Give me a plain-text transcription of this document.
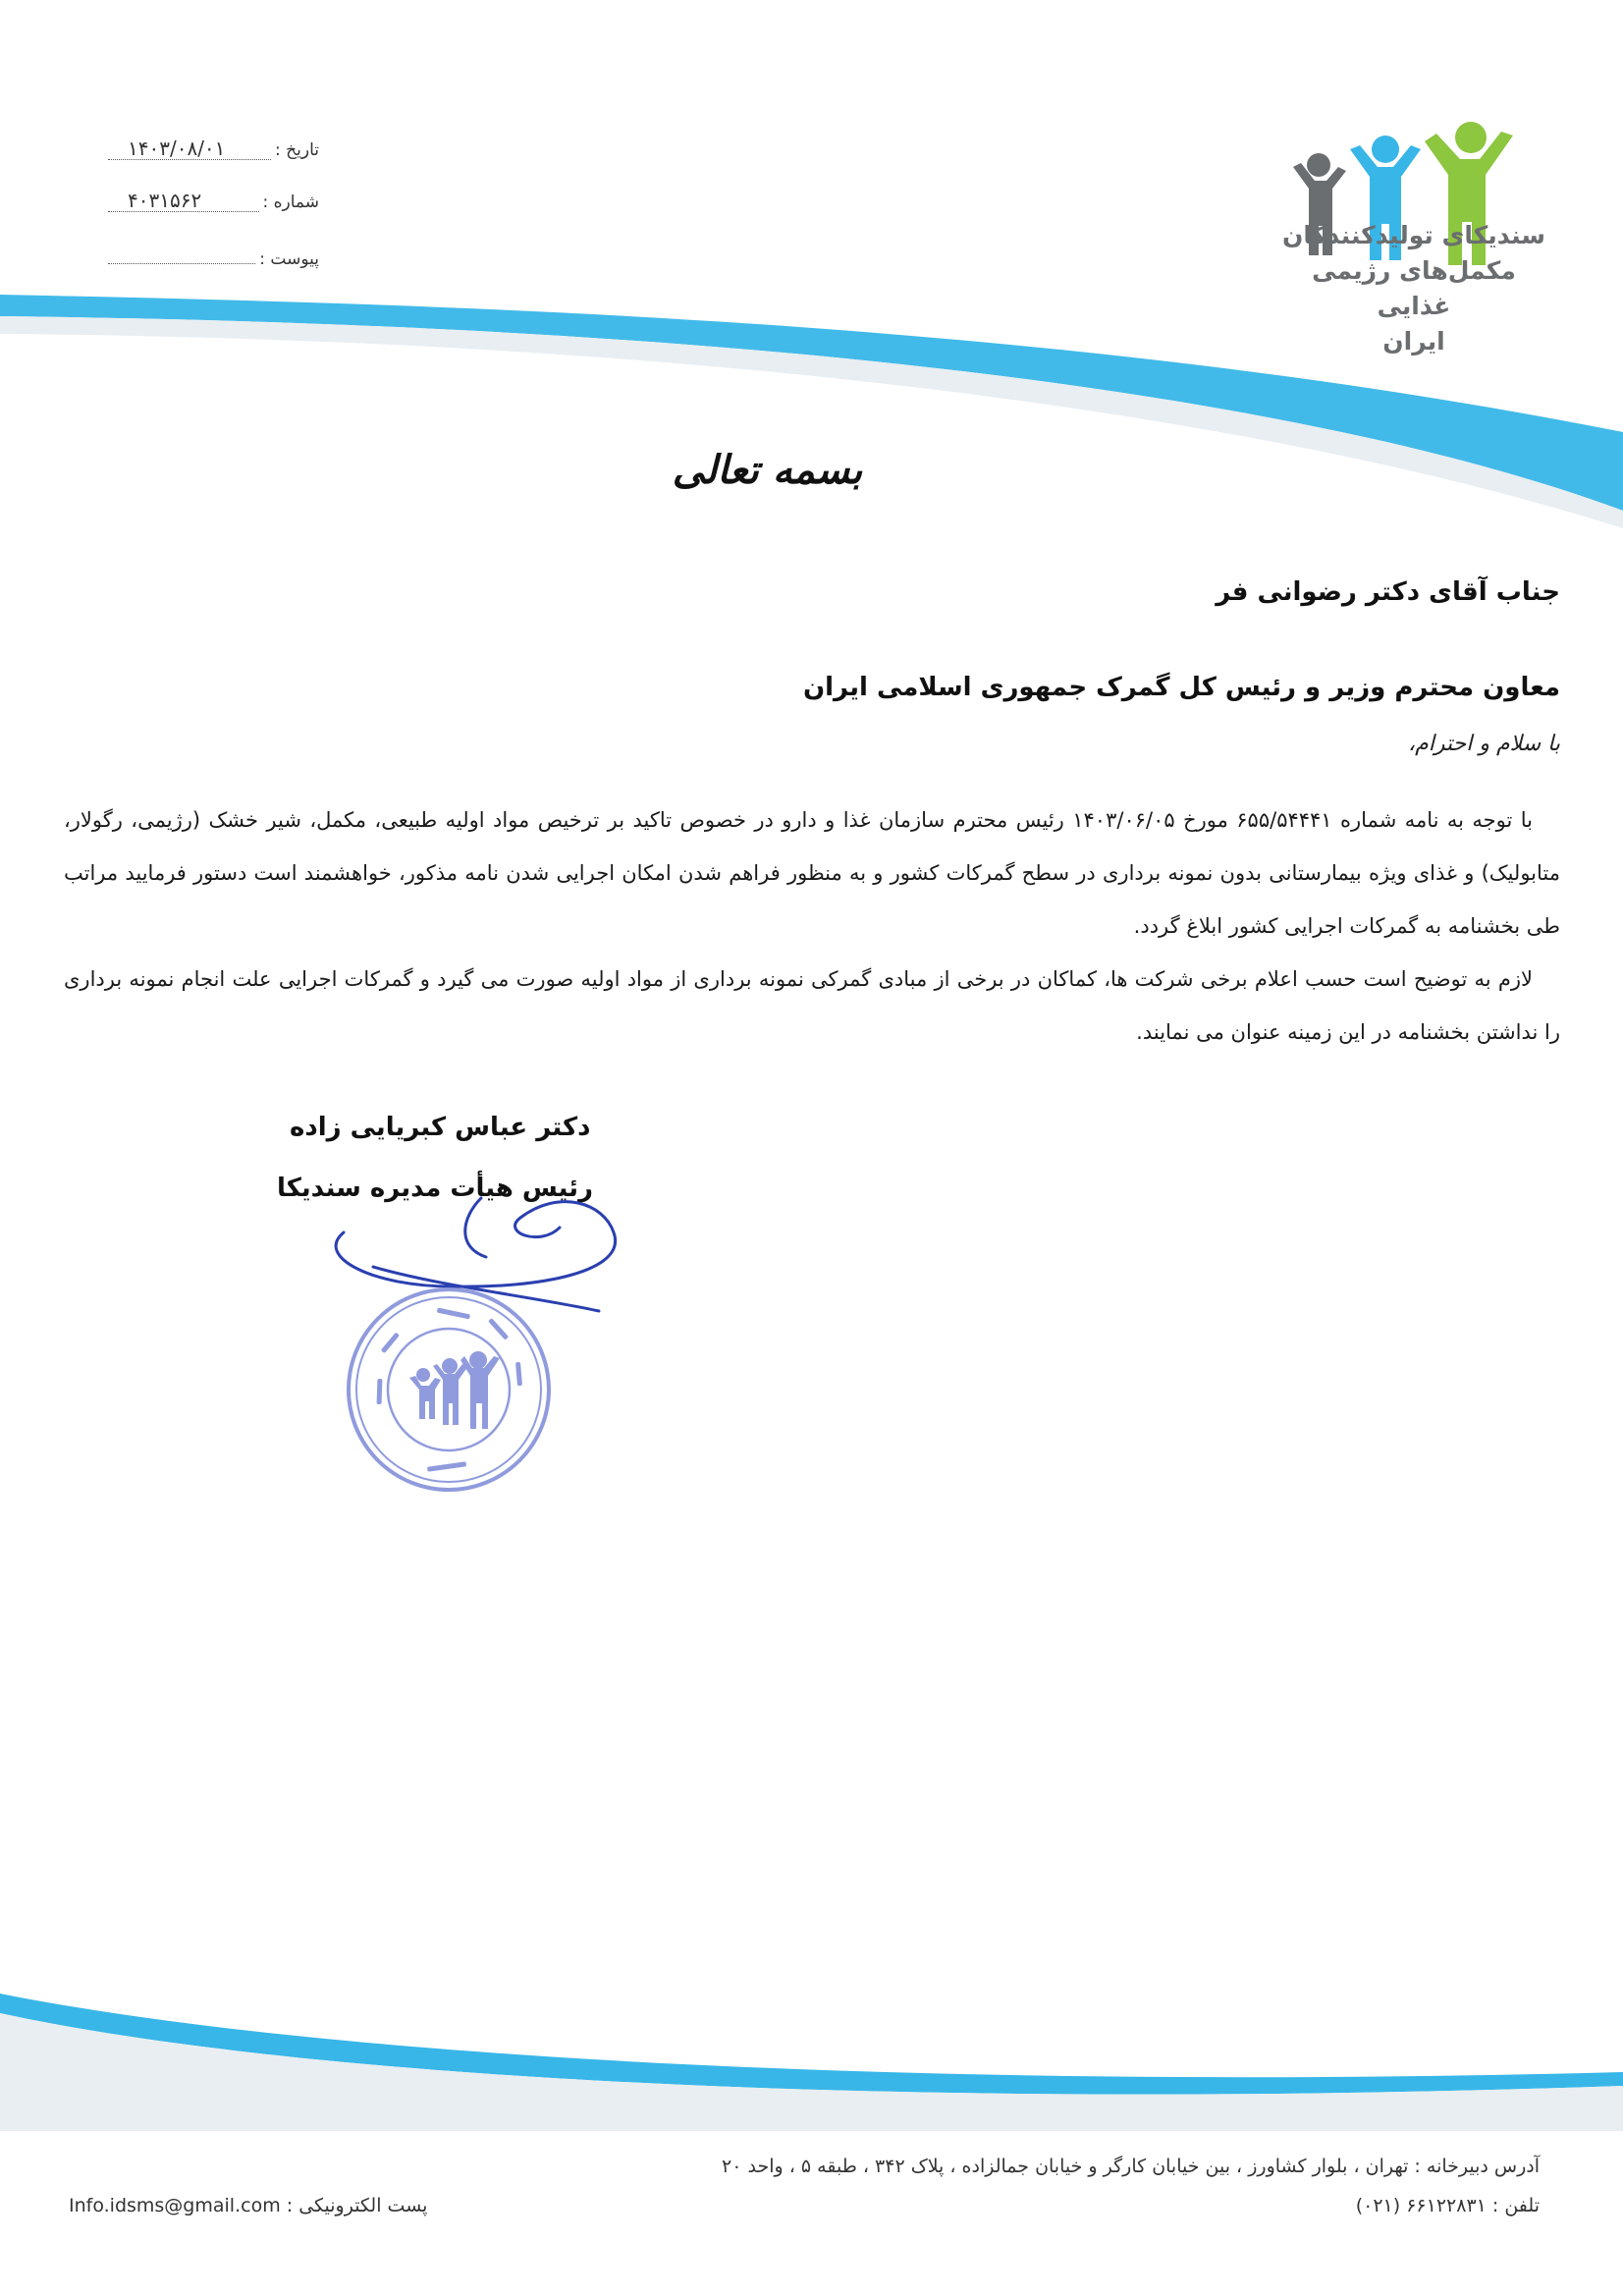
تاریخ :
۱۴۰۳/۰۸/۰۱
شماره :
۴۰۳۱۵۶۲
پیوست :
سندیکای تولیدکنندگان
مکمل‌های رژیمی غذایی
ایران
بسمه تعالی
جناب آقای دکتر رضوانی فر
معاون محترم وزیر و رئیس کل گمرک جمهوری اسلامی ایران
با سلام و احترام،

با توجه به نامه شماره ۶۵۵/۵۴۴۴۱ مورخ ۱۴۰۳/۰۶/۰۵ رئیس محترم سازمان غذا و دارو در خصوص تاکید بر ترخیص مواد اولیه طبیعی، مکمل، شیر خشک (رژیمی، رگولار، متابولیک) و غذای ویژه بیمارستانی بدون نمونه برداری در سطح گمرکات کشور و به منظور فراهم شدن امکان اجرایی شدن نامه مذکور، خواهشمند است دستور فرمایید مراتب طی بخشنامه به گمرکات اجرایی کشور ابلاغ گردد.

لازم به توضیح است حسب اعلام برخی شرکت ها، کماکان در برخی از مبادی گمرکی نمونه برداری از مواد اولیه صورت می گیرد و گمرکات اجرایی علت انجام نمونه برداری را نداشتن بخشنامه در این زمینه عنوان می نمایند.

دکتر عباس کبریایی زاده
رئیس هیأت مدیره سندیکا
آدرس دبیرخانه : تهران ، بلوار کشاورز ، بین خیابان کارگر و خیابان جمالزاده ، پلاک ۳۴۲ ، طبقه ۵ ، واحد ۲۰
تلفن : ۶۶۱۲۲۸۳۱ (۰۲۱)
پست الکترونیکی : Info.idsms@gmail.com
